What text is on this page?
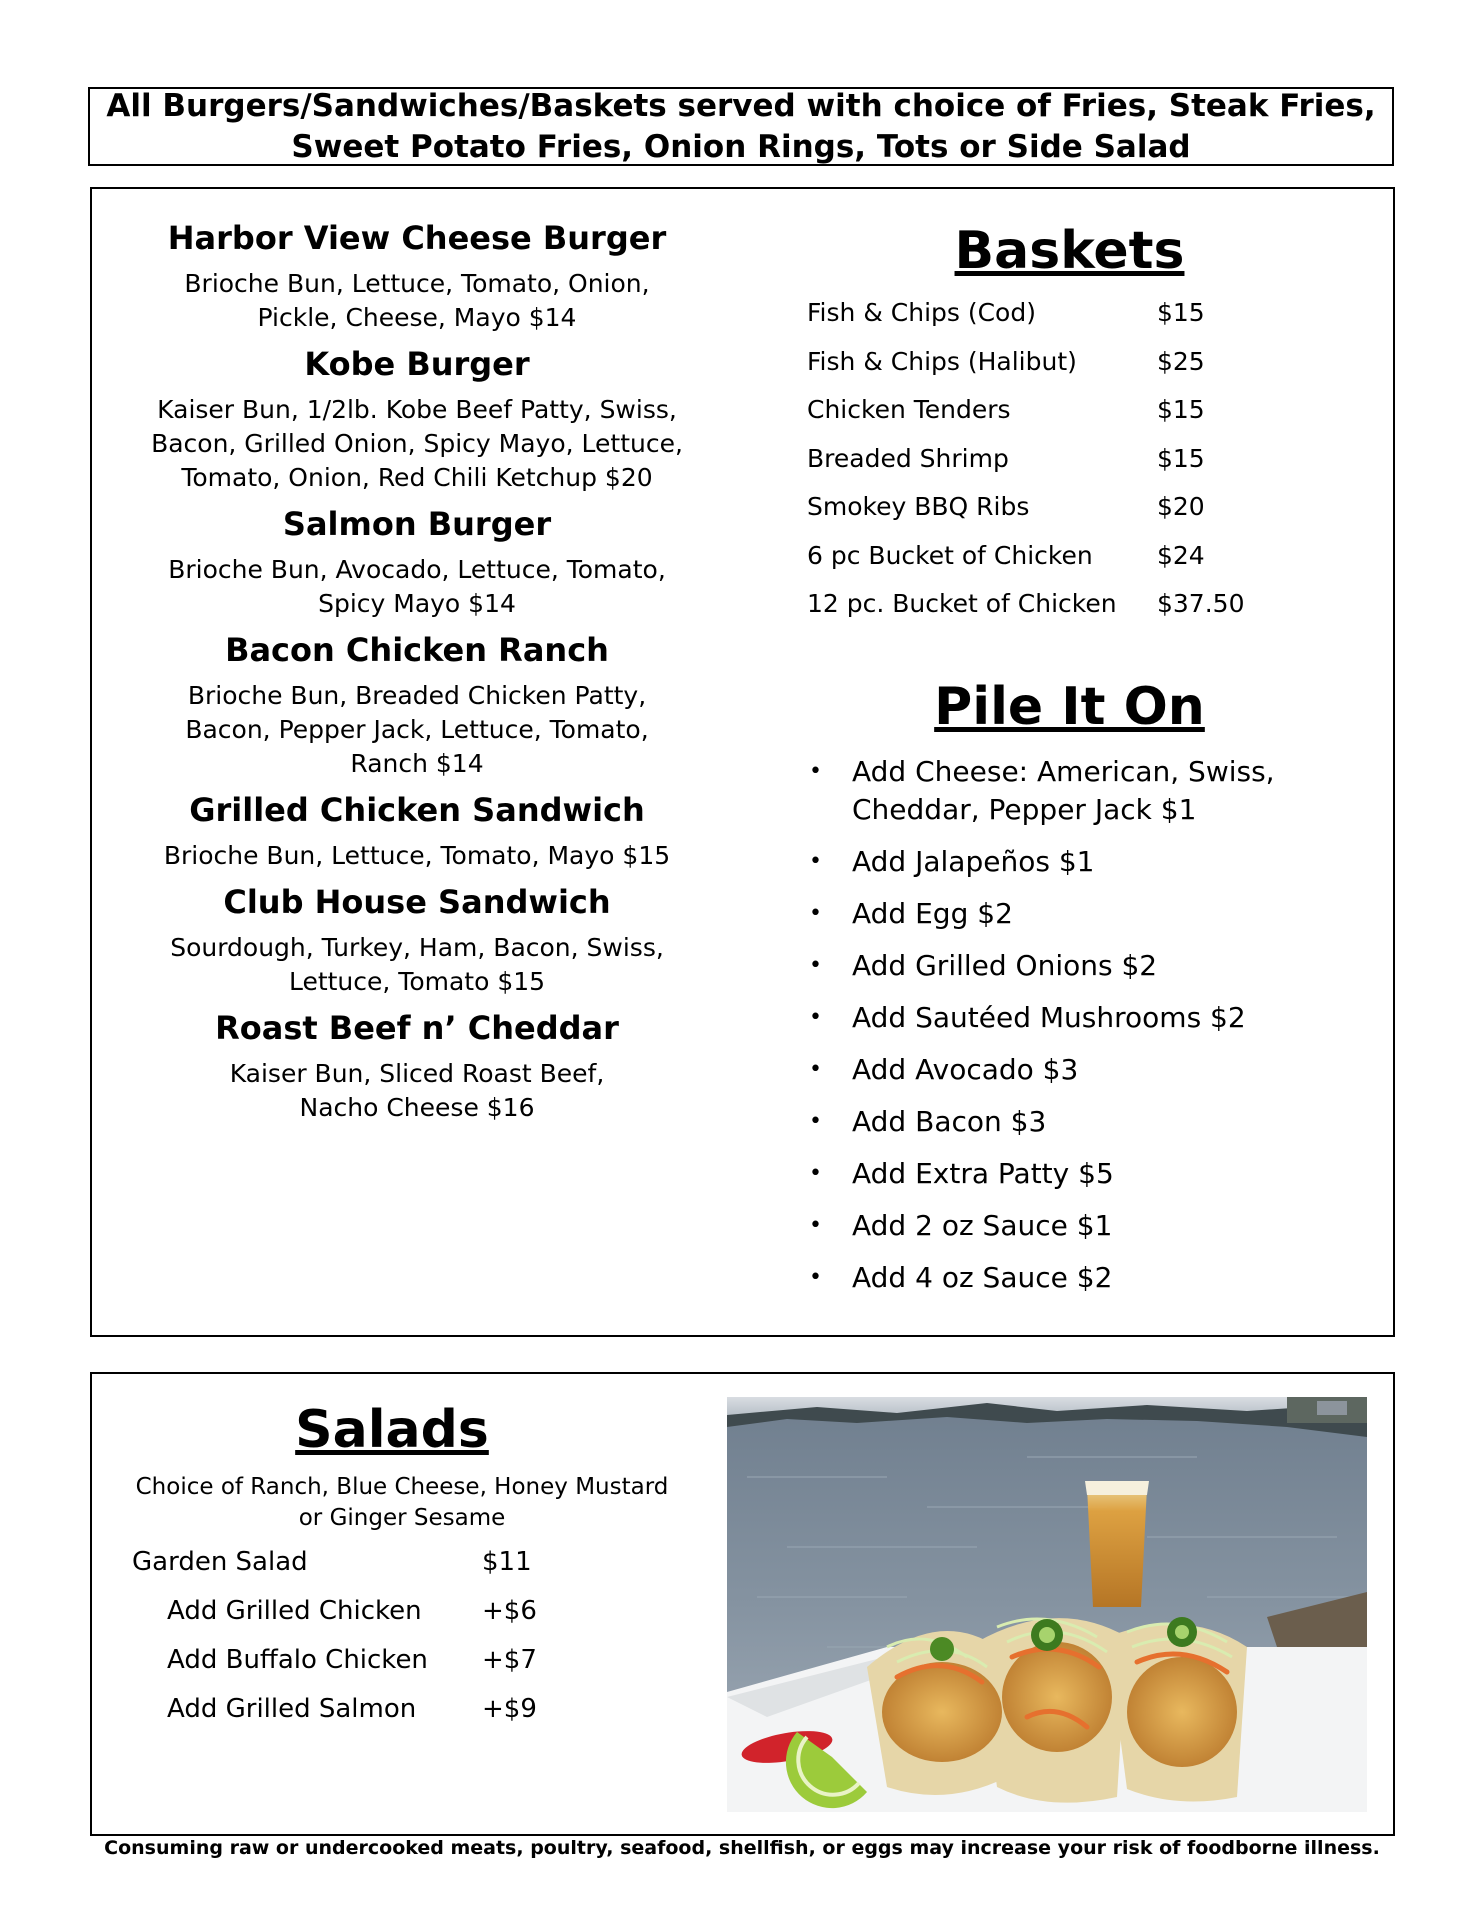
All Burgers/Sandwiches/Baskets served with choice of Fries, Steak Fries,
Sweet Potato Fries, Onion Rings, Tots or Side Salad
Harbor View Cheese Burger
Brioche Bun, Lettuce, Tomato, Onion,
Pickle, Cheese, Mayo $14
Kobe Burger
Kaiser Bun, 1/2lb. Kobe Beef Patty, Swiss,
Bacon, Grilled Onion, Spicy Mayo, Lettuce,
Tomato, Onion, Red Chili Ketchup $20
Salmon Burger
Brioche Bun, Avocado, Lettuce, Tomato,
Spicy Mayo $14
Bacon Chicken Ranch
Brioche Bun, Breaded Chicken Patty,
Bacon, Pepper Jack, Lettuce, Tomato,
Ranch $14
Grilled Chicken Sandwich
Brioche Bun, Lettuce, Tomato, Mayo $15
Club House Sandwich
Sourdough, Turkey, Ham, Bacon, Swiss,
Lettuce, Tomato $15
Roast Beef n’ Cheddar
Kaiser Bun, Sliced Roast Beef,
Nacho Cheese $16
Baskets
Fish & Chips (Cod)	$15
Fish & Chips (Halibut)	$25
Chicken Tenders	$15
Breaded Shrimp	$15
Smokey BBQ Ribs	$20
6 pc Bucket of Chicken	$24
12 pc. Bucket of Chicken	$37.50
Pile It On
• Add Cheese: American, Swiss,
Cheddar, Pepper Jack $1
• Add Jalapeños $1
• Add Egg $2
• Add Grilled Onions $2
• Add Sautéed Mushrooms $2
• Add Avocado $3
• Add Bacon $3
• Add Extra Patty $5
• Add 2 oz Sauce $1
• Add 4 oz Sauce $2
Salads
Choice of Ranch, Blue Cheese, Honey Mustard
or Ginger Sesame
Garden Salad	$11
Add Grilled Chicken	+$6
Add Buffalo Chicken	+$7
Add Grilled Salmon	+$9
Consuming raw or undercooked meats, poultry, seafood, shellfish, or eggs may increase your risk of foodborne illness.
